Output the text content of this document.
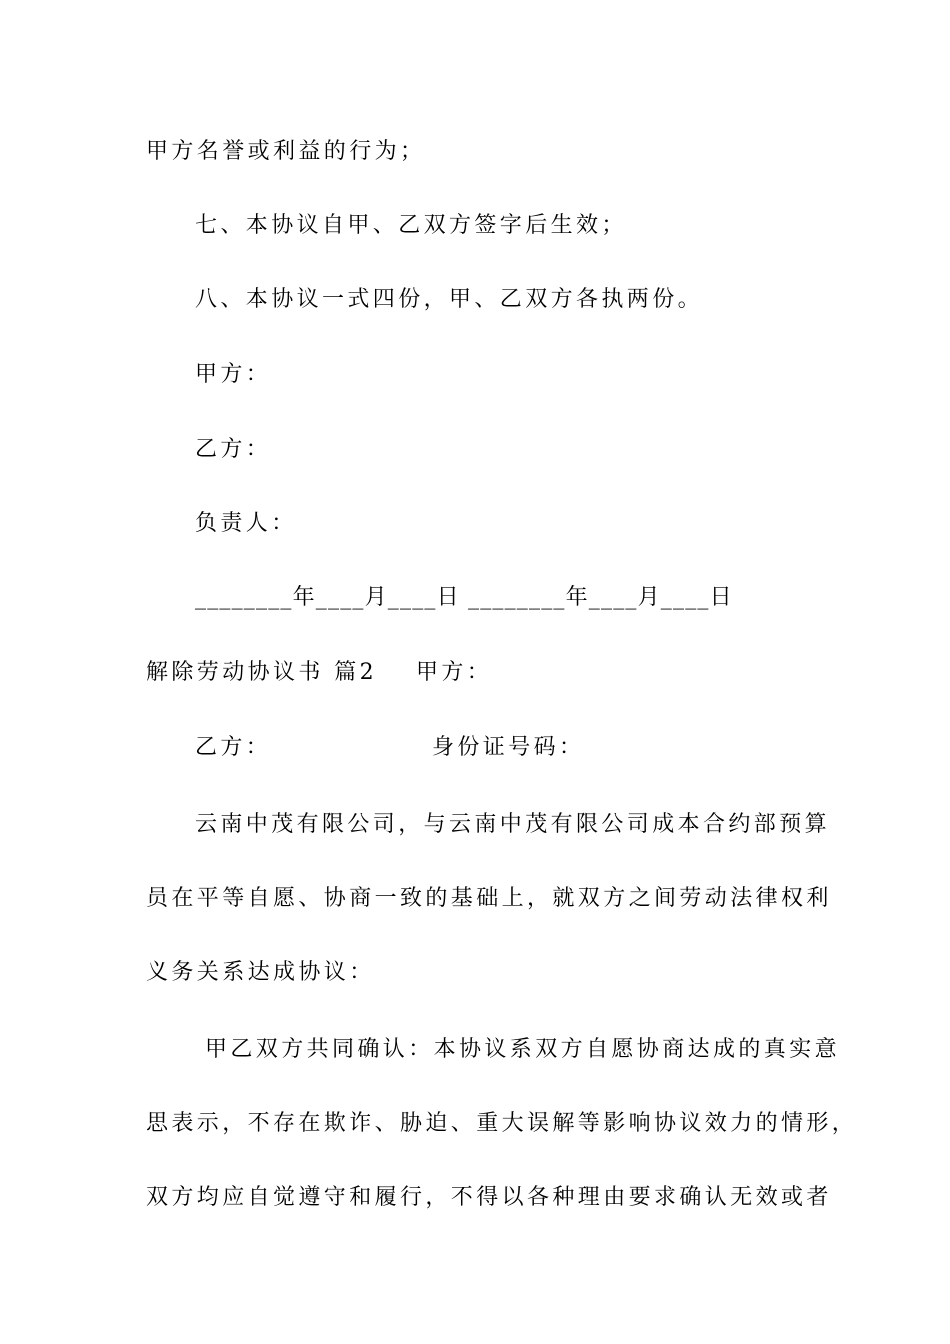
甲方名誉或利益的行为；
七、本协议自甲、乙双方签字后生效；
八、本协议一式四份，甲、乙双方各执两份。
甲方：
乙方：
负责人：
________年____月____日 ________年____月____日
解除劳动协议书 篇2 甲方：
乙方：	身份证号码：
云南中茂有限公司，与云南中茂有限公司成本合约部预算
员在平等自愿、协商一致的基础上，就双方之间劳动法律权利
义务关系达成协议：
甲乙双方共同确认：本协议系双方自愿协商达成的真实意
思表示，不存在欺诈、胁迫、重大误解等影响协议效力的情形，
双方均应自觉遵守和履行，不得以各种理由要求确认无效或者
